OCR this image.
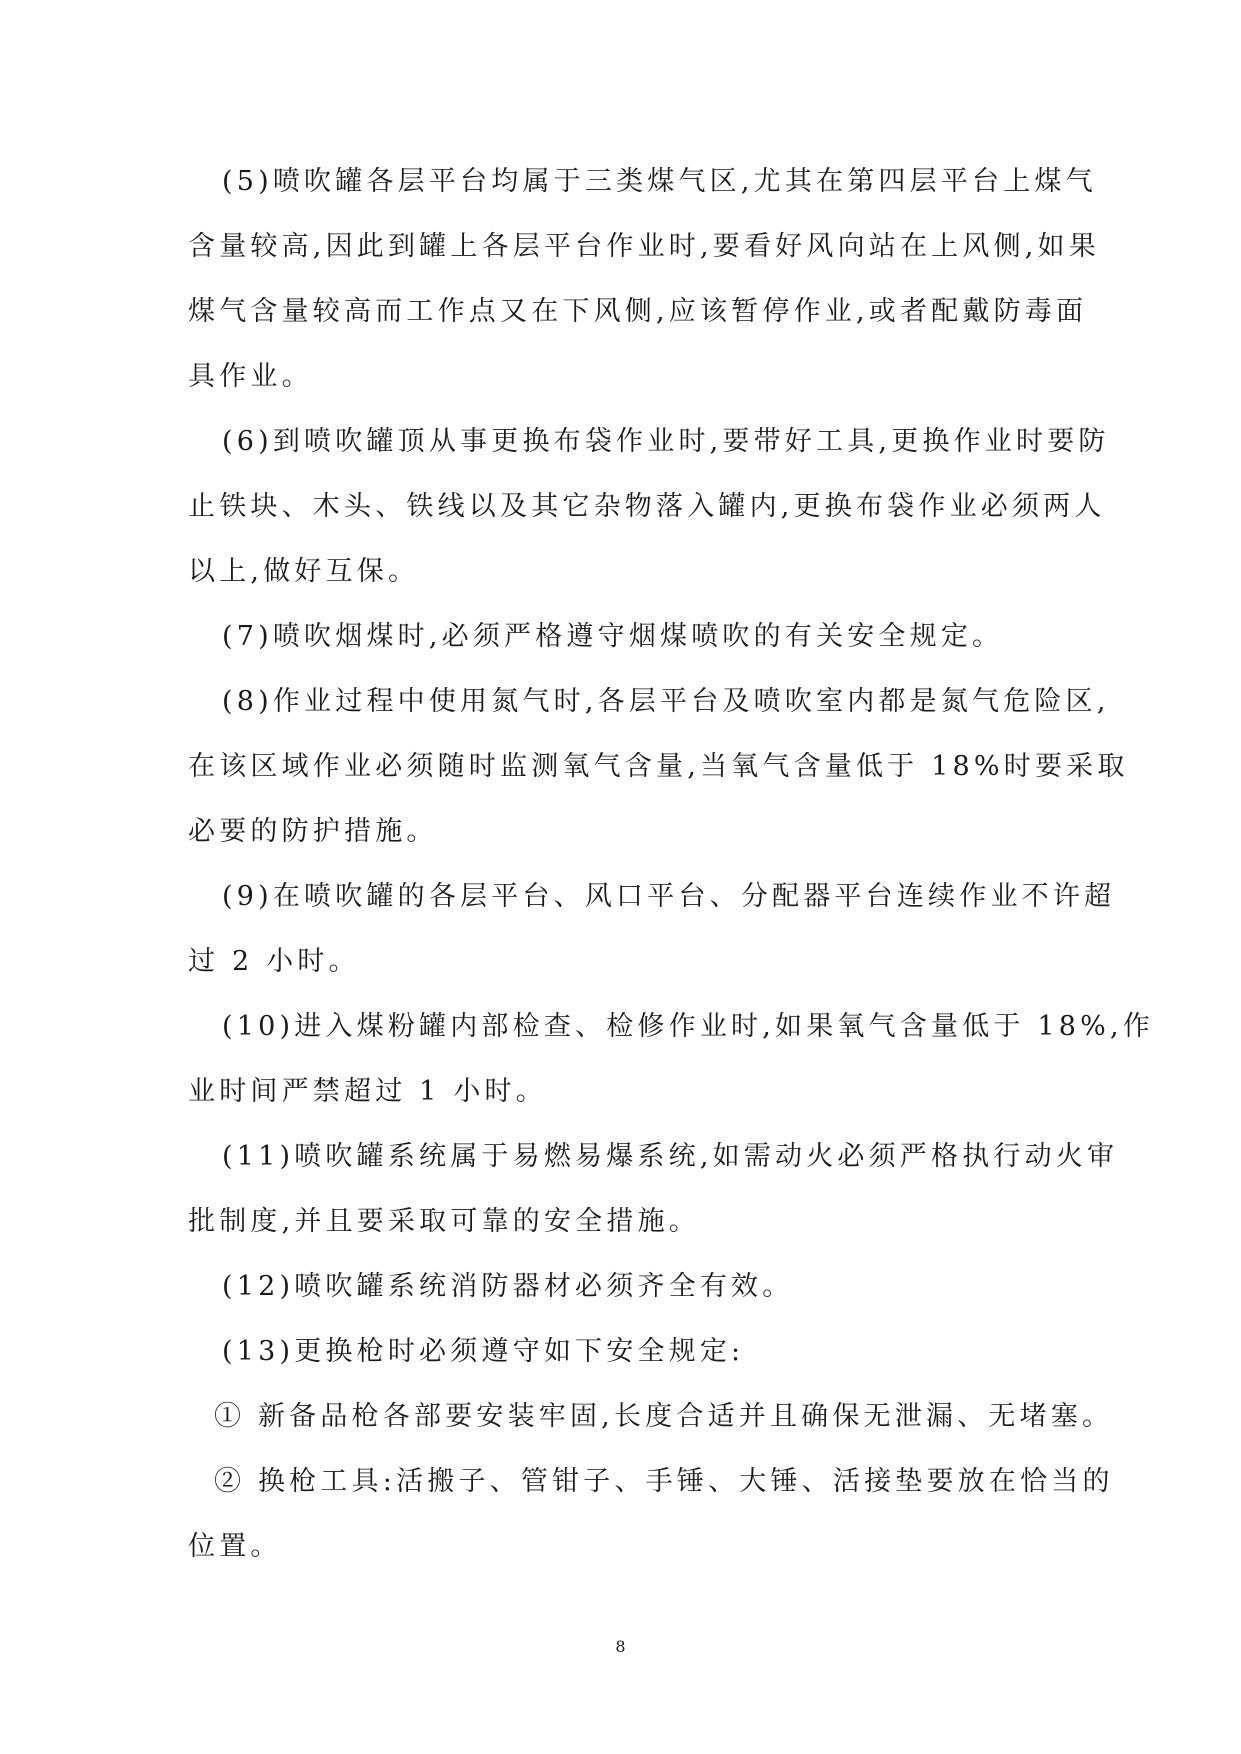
(5)喷吹罐各层平台均属于三类煤气区,尤其在第四层平台上煤气
含量较高,因此到罐上各层平台作业时,要看好风向站在上风侧,如果
煤气含量较高而工作点又在下风侧,应该暂停作业,或者配戴防毒面
具作业。
(6)到喷吹罐顶从事更换布袋作业时,要带好工具,更换作业时要防
止铁块、木头、铁线以及其它杂物落入罐内,更换布袋作业必须两人
以上,做好互保。
(7)喷吹烟煤时,必须严格遵守烟煤喷吹的有关安全规定。
(8)作业过程中使用氮气时,各层平台及喷吹室内都是氮气危险区,
在该区域作业必须随时监测氧气含量,当氧气含量低于 18%时要采取
必要的防护措施。
(9)在喷吹罐的各层平台、风口平台、分配器平台连续作业不许超
过 2 小时。
(10)进入煤粉罐内部检查、检修作业时,如果氧气含量低于 18%,作
业时间严禁超过 1 小时。
(11)喷吹罐系统属于易燃易爆系统,如需动火必须严格执行动火审
批制度,并且要采取可靠的安全措施。
(12)喷吹罐系统消防器材必须齐全有效。
(13)更换枪时必须遵守如下安全规定:
① 新备品枪各部要安装牢固,长度合适并且确保无泄漏、无堵塞。
② 换枪工具:活搬子、管钳子、手锤、大锤、活接垫要放在恰当的
位置。
8
